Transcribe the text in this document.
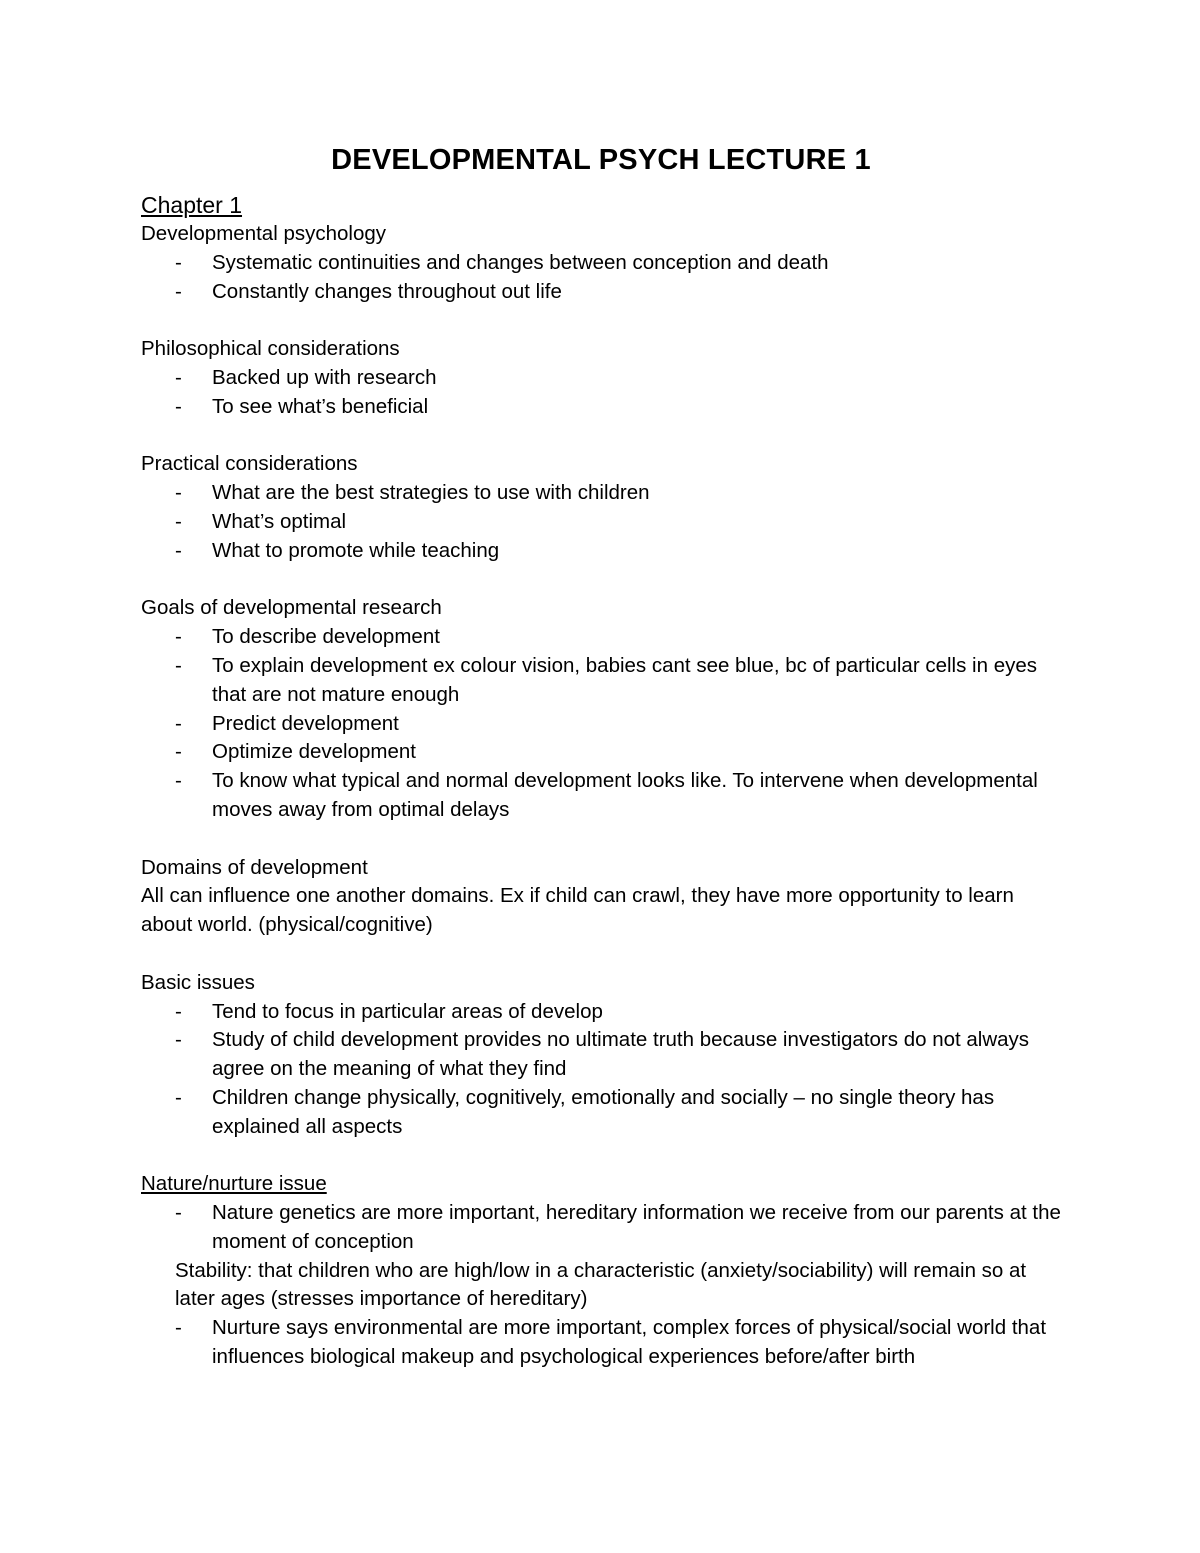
DEVELOPMENTAL PSYCH LECTURE 1
Chapter 1
Developmental psychology
- Systematic continuities and changes between conception and death
- Constantly changes throughout out life
Philosophical considerations
- Backed up with research
- To see what’s beneficial
Practical considerations
- What are the best strategies to use with children
- What’s optimal
- What to promote while teaching
Goals of developmental research
- To describe development
- To explain development ex colour vision, babies cant see blue, bc of particular cells in eyes that are not mature enough
- Predict development
- Optimize development
- To know what typical and normal development looks like. To intervene when developmental moves away from optimal delays
Domains of development
All can influence one another domains. Ex if child can crawl, they have more opportunity to learn about world. (physical/cognitive)
Basic issues
- Tend to focus in particular areas of develop
- Study of child development provides no ultimate truth because investigators do not always agree on the meaning of what they find
- Children change physically, cognitively, emotionally and socially – no single theory has explained all aspects
Nature/nurture issue
- Nature genetics are more important, hereditary information we receive from our parents at the moment of conception
Stability: that children who are high/low in a characteristic (anxiety/sociability) will remain so at later ages (stresses importance of hereditary)
- Nurture says environmental are more important, complex forces of physical/social world that influences biological makeup and psychological experiences before/after birth
